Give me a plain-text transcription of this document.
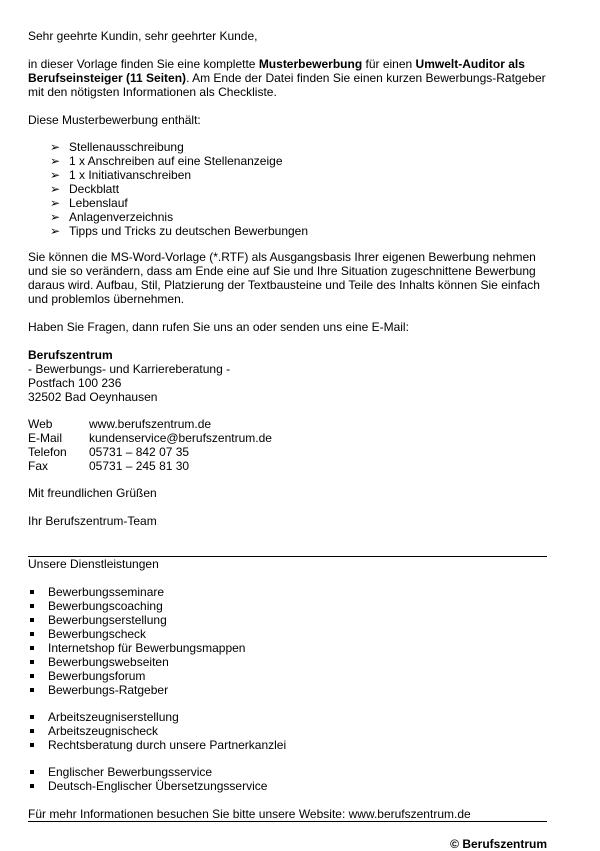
Sehr geehrte Kundin, sehr geehrter Kunde,

in dieser Vorlage finden Sie eine komplette Musterbewerbung für einen Umwelt-Auditor als Berufseinsteiger (11 Seiten). Am Ende der Datei finden Sie einen kurzen Bewerbungs-Ratgeber mit den nötigsten Informationen als Checkliste.

Diese Musterbewerbung enthält:

➢ Stellenausschreibung
➢ 1 x Anschreiben auf eine Stellenanzeige
➢ 1 x Initiativanschreiben
➢ Deckblatt
➢ Lebenslauf
➢ Anlagenverzeichnis
➢ Tipps und Tricks zu deutschen Bewerbungen

Sie können die MS-Word-Vorlage (*.RTF) als Ausgangsbasis Ihrer eigenen Bewerbung nehmen und sie so verändern, dass am Ende eine auf Sie und Ihre Situation zugeschnittene Bewerbung daraus wird. Aufbau, Stil, Platzierung der Textbausteine und Teile des Inhalts können Sie einfach und problemlos übernehmen.

Haben Sie Fragen, dann rufen Sie uns an oder senden uns eine E-Mail:

Berufszentrum
- Bewerbungs- und Karriereberatung -
Postfach 100 236
32502 Bad Oeynhausen
Web	www.berufszentrum.de
E-Mail kundenservice@berufszentrum.de
Telefon 05731 – 842 07 35
Fax	05731 – 245 81 30

Mit freundlichen Grüßen

Ihr Berufszentrum-Team

Unsere Dienstleistungen

Bewerbungsseminare
Bewerbungscoaching
Bewerbungserstellung
Bewerbungscheck
Internetshop für Bewerbungsmappen
Bewerbungswebseiten
Bewerbungsforum
Bewerbungs-Ratgeber
Arbeitszeugniserstellung
Arbeitszeugnischeck
Rechtsberatung durch unsere Partnerkanzlei
Englischer Bewerbungsservice
Deutsch-Englischer Übersetzungsservice

Für mehr Informationen besuchen Sie bitte unsere Website: www.berufszentrum.de

© Berufszentrum
